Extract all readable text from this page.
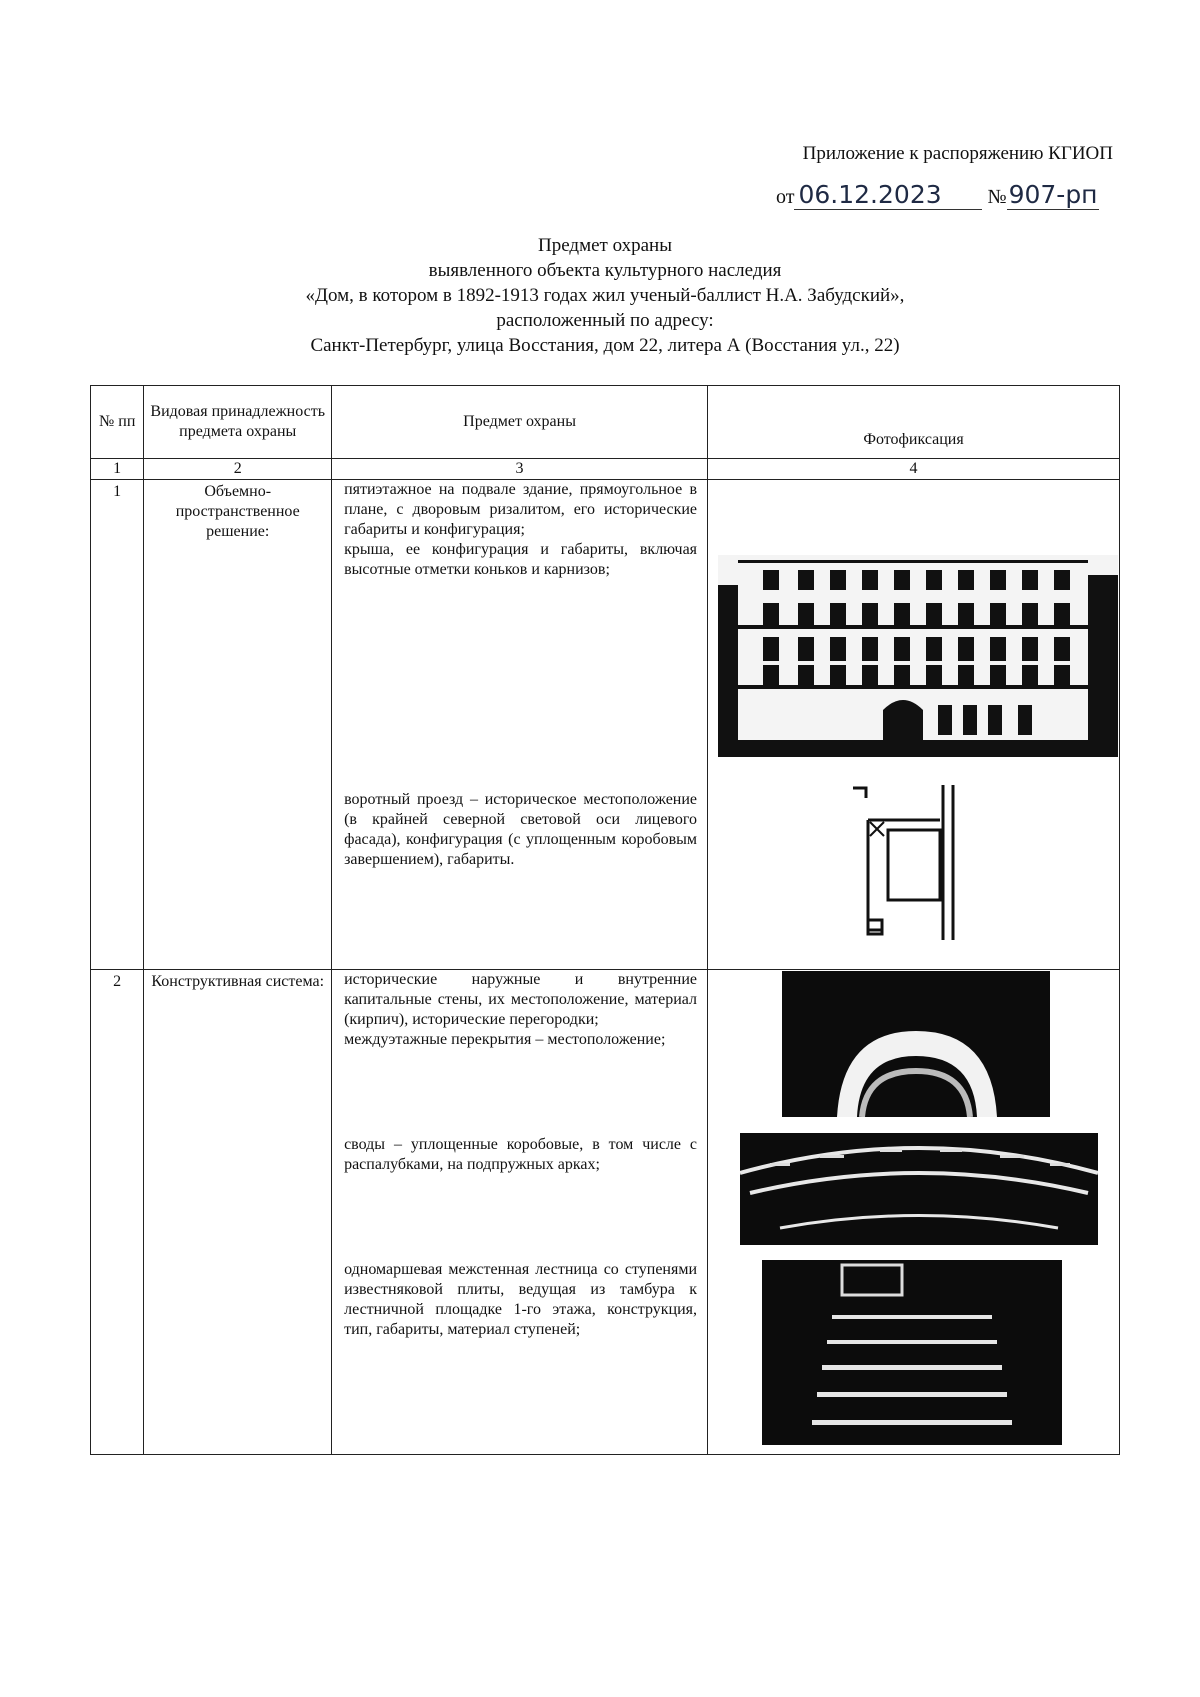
Приложение к распоряжению КГИОП
от 06.12.2023 №907-рп
Предмет охраны
выявленного объекта культурного наследия
«Дом, в котором в 1892-1913 годах жил ученый-баллист Н.А. Забудский»,
расположенный по адресу:
Санкт-Петербург, улица Восстания, дом 22, литера А (Восстания ул., 22)
№ пп	Видовая принадлежность предмета охраны	Предмет охраны	Фотофиксация
1	2	3	4
1	Объемно-пространственное решение:	пятиэтажное на подвале здание, прямоугольное в плане, с дворовым ризалитом, его исторические габариты и конфигурация;

крыша, ее конфигурация и габариты, включая высотные отметки коньков и карнизов;

воротный проезд – историческое местоположение (в крайней северной световой оси лицевого фасада), конфигурация (с уплощенным коробовым завершением), габариты.

2	Конструктивная система:	исторические наружные и внутренние капитальные стены, их местоположение, материал (кирпич), исторические перегородки;

междуэтажные перекрытия – местоположение;

своды – уплощенные коробовые, в том числе с распалубками, на подпружных арках;

одномаршевая межстенная лестница со ступенями известняковой плиты, ведущая из тамбура к лестничной площадке 1-го этажа, конструкция, тип, габариты, материал ступеней;
